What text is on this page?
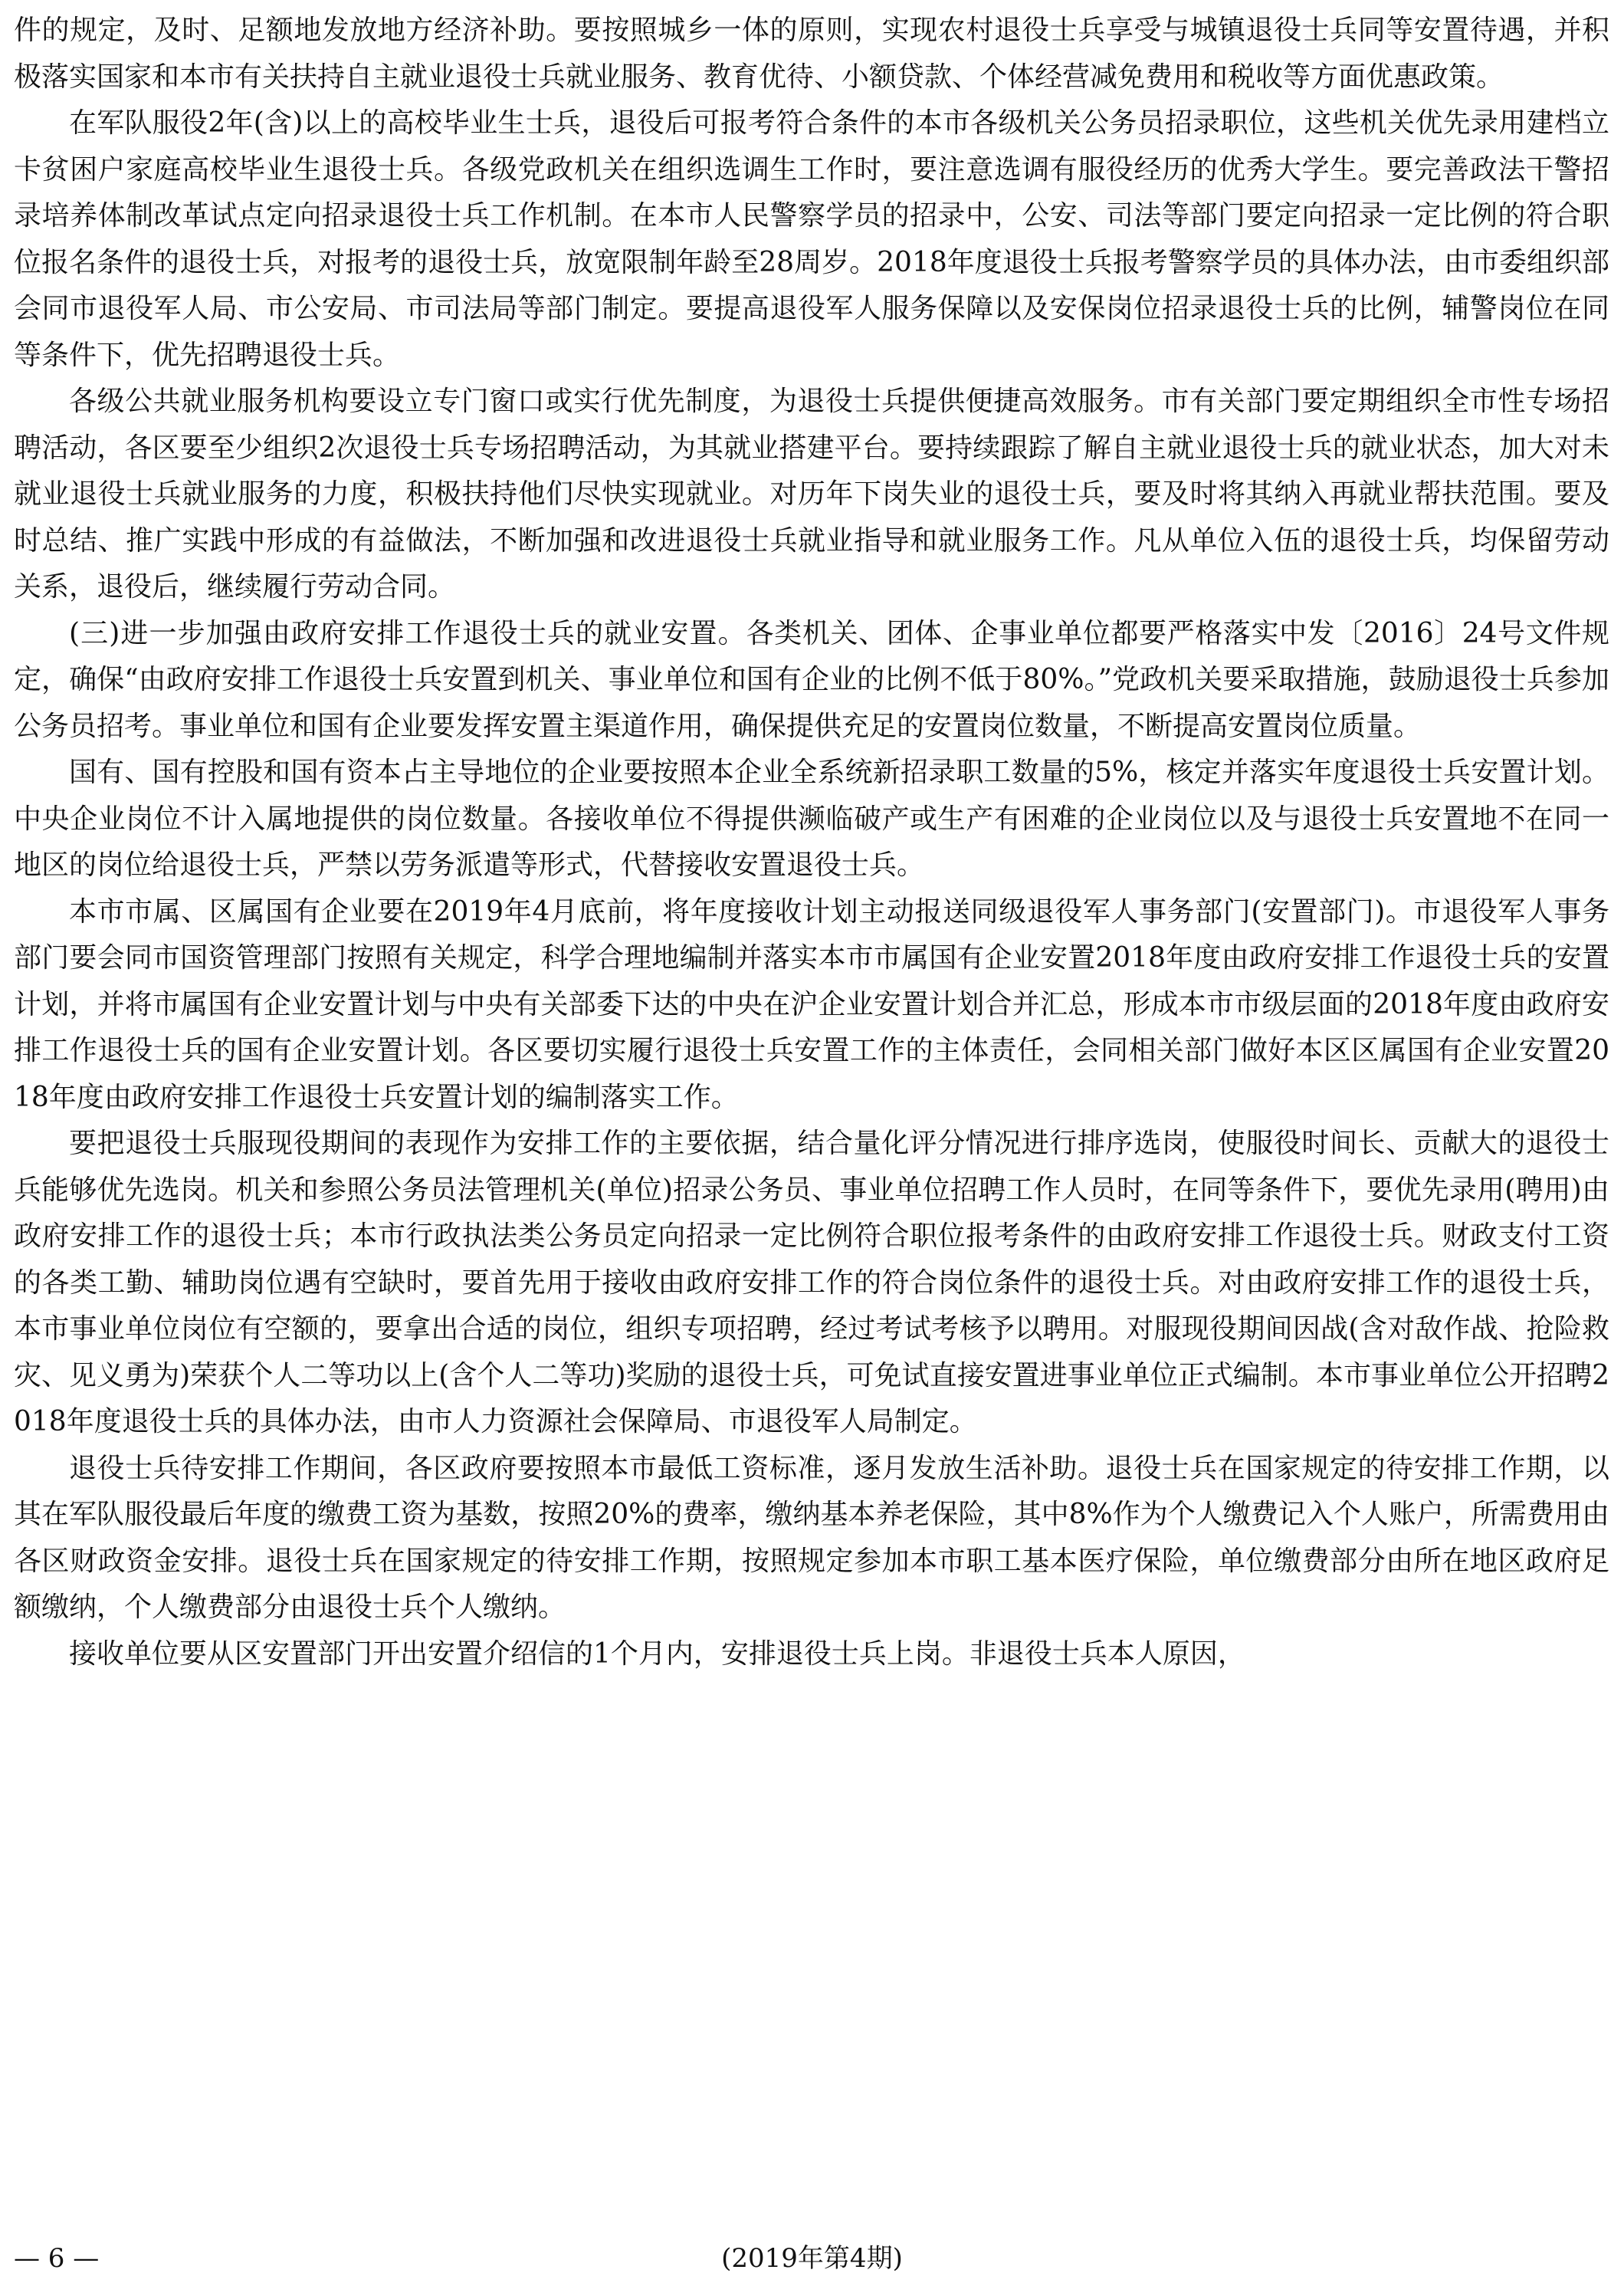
件的规定，及时、足额地发放地方经济补助。要按照城乡一体的原则，实现农村退役士兵享受与城镇退役士兵同等安置待遇，并积极落实国家和本市有关扶持自主就业退役士兵就业服务、教育优待、小额贷款、个体经营减免费用和税收等方面优惠政策。

在军队服役2年(含)以上的高校毕业生士兵，退役后可报考符合条件的本市各级机关公务员招录职位，这些机关优先录用建档立卡贫困户家庭高校毕业生退役士兵。各级党政机关在组织选调生工作时，要注意选调有服役经历的优秀大学生。要完善政法干警招录培养体制改革试点定向招录退役士兵工作机制。在本市人民警察学员的招录中，公安、司法等部门要定向招录一定比例的符合职位报名条件的退役士兵，对报考的退役士兵，放宽限制年龄至28周岁。2018年度退役士兵报考警察学员的具体办法，由市委组织部会同市退役军人局、市公安局、市司法局等部门制定。要提高退役军人服务保障以及安保岗位招录退役士兵的比例，辅警岗位在同等条件下，优先招聘退役士兵。

各级公共就业服务机构要设立专门窗口或实行优先制度，为退役士兵提供便捷高效服务。市有关部门要定期组织全市性专场招聘活动，各区要至少组织2次退役士兵专场招聘活动，为其就业搭建平台。要持续跟踪了解自主就业退役士兵的就业状态，加大对未就业退役士兵就业服务的力度，积极扶持他们尽快实现就业。对历年下岗失业的退役士兵，要及时将其纳入再就业帮扶范围。要及时总结、推广实践中形成的有益做法，不断加强和改进退役士兵就业指导和就业服务工作。凡从单位入伍的退役士兵，均保留劳动关系，退役后，继续履行劳动合同。

(三)进一步加强由政府安排工作退役士兵的就业安置。各类机关、团体、企事业单位都要严格落实中发〔2016〕24号文件规定，确保“由政府安排工作退役士兵安置到机关、事业单位和国有企业的比例不低于80%。”党政机关要采取措施，鼓励退役士兵参加公务员招考。事业单位和国有企业要发挥安置主渠道作用，确保提供充足的安置岗位数量，不断提高安置岗位质量。

国有、国有控股和国有资本占主导地位的企业要按照本企业全系统新招录职工数量的5%，核定并落实年度退役士兵安置计划。中央企业岗位不计入属地提供的岗位数量。各接收单位不得提供濒临破产或生产有困难的企业岗位以及与退役士兵安置地不在同一地区的岗位给退役士兵，严禁以劳务派遣等形式，代替接收安置退役士兵。

本市市属、区属国有企业要在2019年4月底前，将年度接收计划主动报送同级退役军人事务部门(安置部门)。市退役军人事务部门要会同市国资管理部门按照有关规定，科学合理地编制并落实本市市属国有企业安置2018年度由政府安排工作退役士兵的安置计划，并将市属国有企业安置计划与中央有关部委下达的中央在沪企业安置计划合并汇总，形成本市市级层面的2018年度由政府安排工作退役士兵的国有企业安置计划。各区要切实履行退役士兵安置工作的主体责任，会同相关部门做好本区区属国有企业安置2018年度由政府安排工作退役士兵安置计划的编制落实工作。

要把退役士兵服现役期间的表现作为安排工作的主要依据，结合量化评分情况进行排序选岗，使服役时间长、贡献大的退役士兵能够优先选岗。机关和参照公务员法管理机关(单位)招录公务员、事业单位招聘工作人员时，在同等条件下，要优先录用(聘用)由政府安排工作的退役士兵；本市行政执法类公务员定向招录一定比例符合职位报考条件的由政府安排工作退役士兵。财政支付工资的各类工勤、辅助岗位遇有空缺时，要首先用于接收由政府安排工作的符合岗位条件的退役士兵。对由政府安排工作的退役士兵，本市事业单位岗位有空额的，要拿出合适的岗位，组织专项招聘，经过考试考核予以聘用。对服现役期间因战(含对敌作战、抢险救灾、见义勇为)荣获个人二等功以上(含个人二等功)奖励的退役士兵，可免试直接安置进事业单位正式编制。本市事业单位公开招聘2018年度退役士兵的具体办法，由市人力资源社会保障局、市退役军人局制定。

退役士兵待安排工作期间，各区政府要按照本市最低工资标准，逐月发放生活补助。退役士兵在国家规定的待安排工作期，以其在军队服役最后年度的缴费工资为基数，按照20%的费率，缴纳基本养老保险，其中8%作为个人缴费记入个人账户，所需费用由各区财政资金安排。退役士兵在国家规定的待安排工作期，按照规定参加本市职工基本医疗保险，单位缴费部分由所在地区政府足额缴纳，个人缴费部分由退役士兵个人缴纳。

接收单位要从区安置部门开出安置介绍信的1个月内，安排退役士兵上岗。非退役士兵本人原因，

— 6 —	(2019年第4期)
